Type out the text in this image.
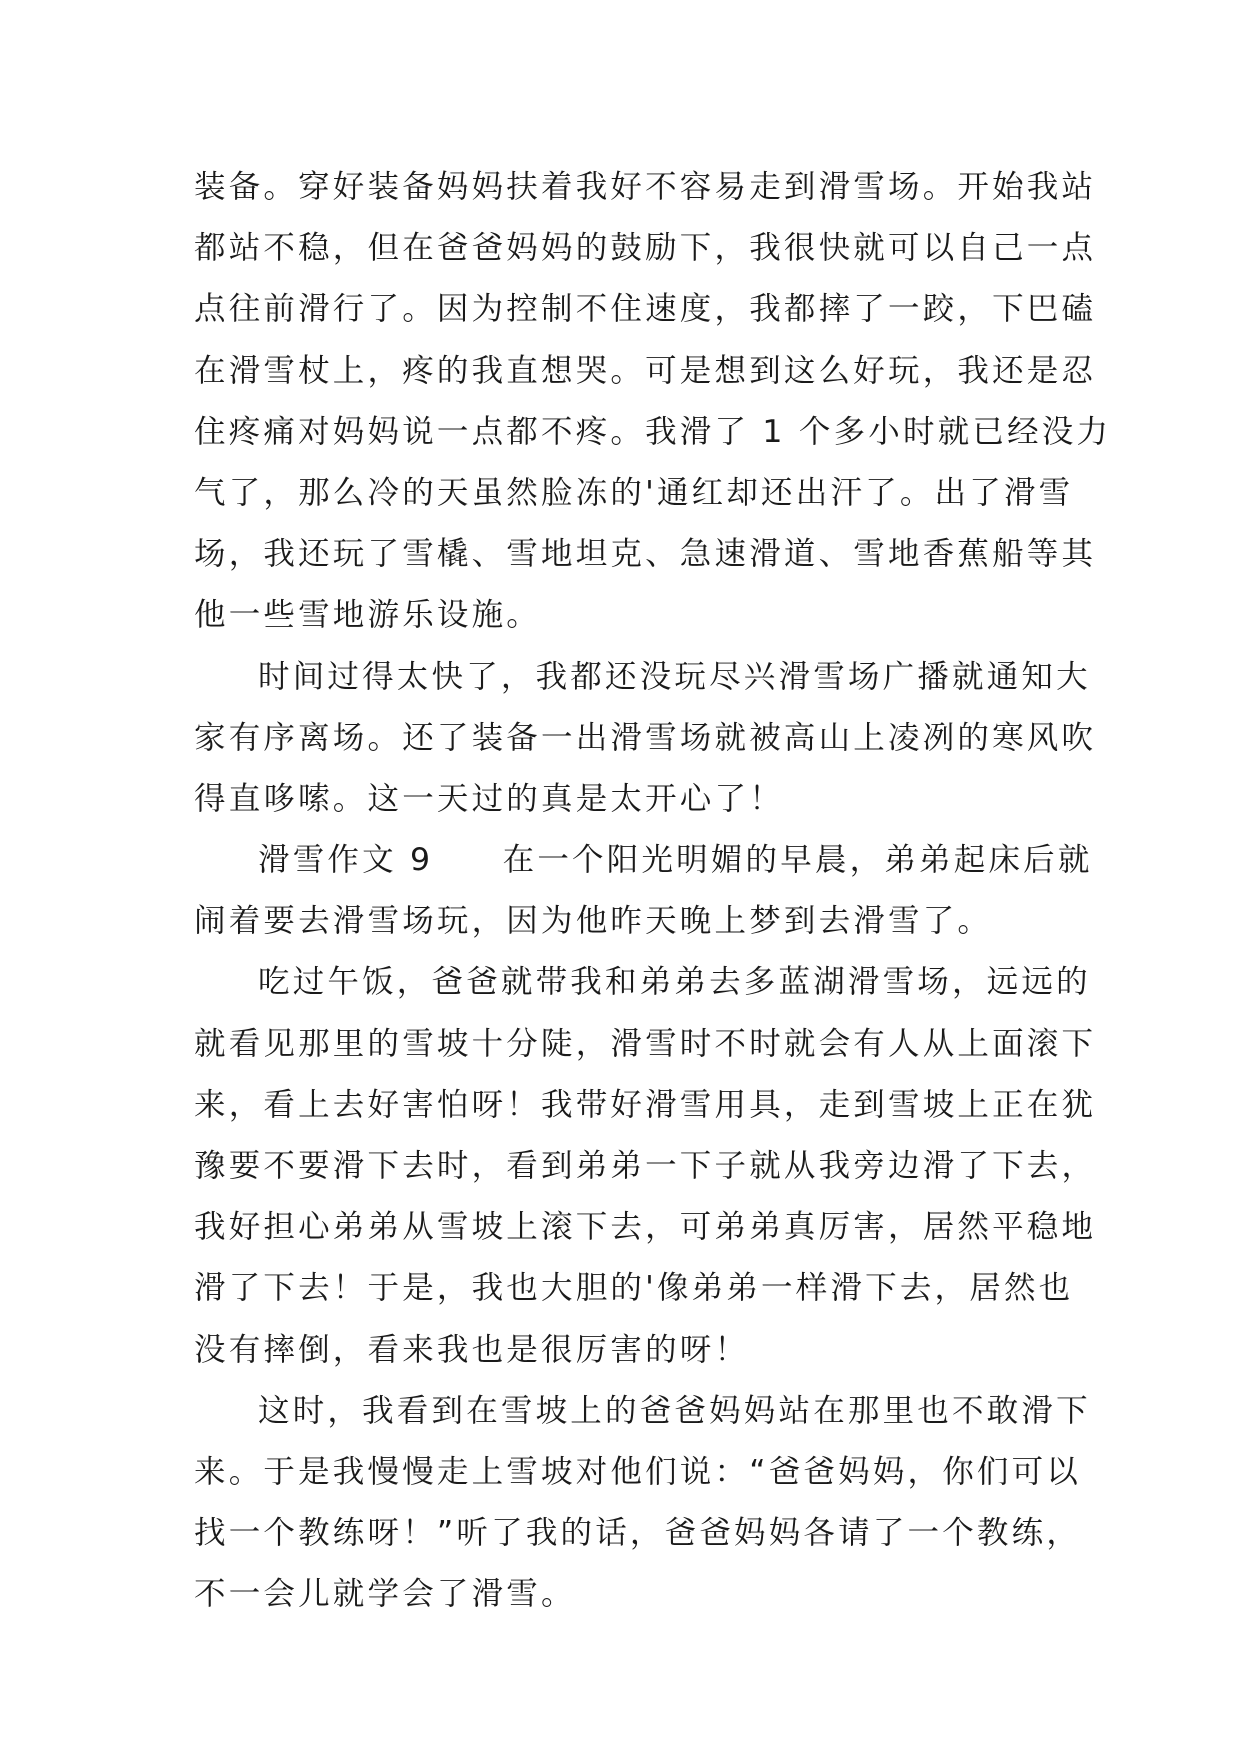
装备。穿好装备妈妈扶着我好不容易走到滑雪场。开始我站
都站不稳，但在爸爸妈妈的鼓励下，我很快就可以自己一点
点往前滑行了。因为控制不住速度，我都摔了一跤，下巴磕
在滑雪杖上，疼的我直想哭。可是想到这么好玩，我还是忍
住疼痛对妈妈说一点都不疼。我滑了 1 个多小时就已经没力
气了，那么冷的天虽然脸冻的'通红却还出汗了。出了滑雪
场，我还玩了雪橇、雪地坦克、急速滑道、雪地香蕉船等其
他一些雪地游乐设施。
时间过得太快了，我都还没玩尽兴滑雪场广播就通知大
家有序离场。还了装备一出滑雪场就被高山上凌冽的寒风吹
得直哆嗦。这一天过的真是太开心了！
滑雪作文 9　　在一个阳光明媚的早晨，弟弟起床后就
闹着要去滑雪场玩，因为他昨天晚上梦到去滑雪了。
吃过午饭，爸爸就带我和弟弟去多蓝湖滑雪场，远远的
就看见那里的雪坡十分陡，滑雪时不时就会有人从上面滚下
来，看上去好害怕呀！我带好滑雪用具，走到雪坡上正在犹
豫要不要滑下去时，看到弟弟一下子就从我旁边滑了下去，
我好担心弟弟从雪坡上滚下去，可弟弟真厉害，居然平稳地
滑了下去！于是，我也大胆的'像弟弟一样滑下去，居然也
没有摔倒，看来我也是很厉害的呀！
这时，我看到在雪坡上的爸爸妈妈站在那里也不敢滑下
来。于是我慢慢走上雪坡对他们说：“爸爸妈妈，你们可以
找一个教练呀！”听了我的话，爸爸妈妈各请了一个教练，
不一会儿就学会了滑雪。
